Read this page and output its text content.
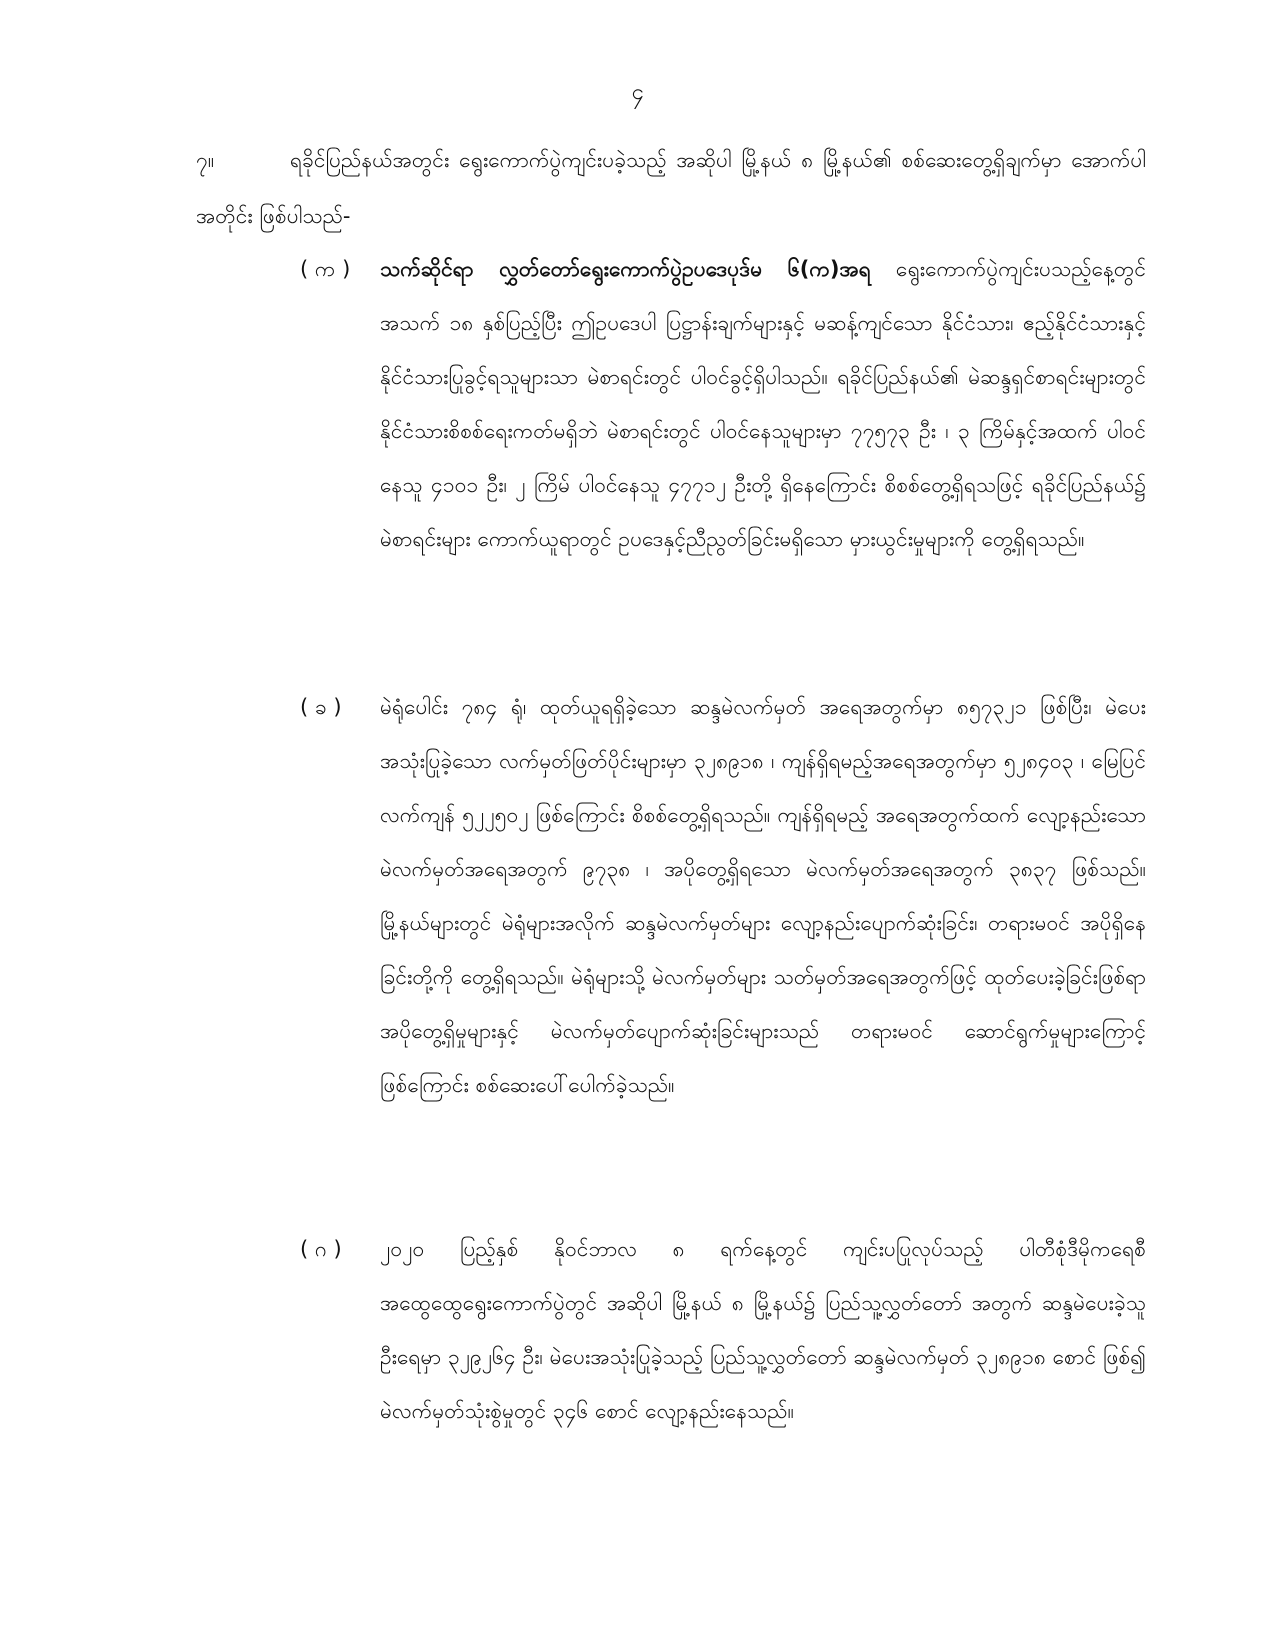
၄
၇။	ရခိုင်ပြည်နယ်အတွင်း ရွေးကောက်ပွဲကျင်းပခဲ့သည့် အဆိုပါ မြို့နယ် ၈ မြို့နယ်၏ စစ်ဆေးတွေ့ရှိချက်မှာ အောက်ပါအတိုင်း ဖြစ်ပါသည်-
( က )	သက်ဆိုင်ရာ လွှတ်တော်ရွေးကောက်ပွဲဥပဒေပုဒ်မ ၆(က)အရ ရွေးကောက်ပွဲကျင်းပသည့်နေ့တွင် အသက် ၁၈ နှစ်ပြည့်ပြီး ဤဥပဒေပါ ပြဋ္ဌာန်းချက်များနှင့် မဆန့်ကျင်သော နိုင်ငံသား၊ ဧည့်နိုင်ငံသားနှင့် နိုင်ငံသားပြုခွင့်ရသူများသာ မဲစာရင်းတွင် ပါဝင်ခွင့်ရှိပါသည်။ ရခိုင်ပြည်နယ်၏ မဲဆန္ဒရှင်စာရင်းများတွင် နိုင်ငံသားစိစစ်ရေးကတ်မရှိဘဲ မဲစာရင်းတွင် ပါဝင်နေသူများမှာ ၇၇၅၇၃ ဦး ၊ ၃ ကြိမ်နှင့်အထက် ပါဝင်နေသူ ၄၁၀၁ ဦး၊ ၂ ကြိမ် ပါဝင်နေသူ ၄၇၇၁၂ ဦးတို့ ရှိနေကြောင်း စိစစ်တွေ့ရှိရသဖြင့် ရခိုင်ပြည်နယ်၌ မဲစာရင်းများ ကောက်ယူရာတွင် ဥပဒေနှင့်ညီညွတ်ခြင်းမရှိသော မှားယွင်းမှုများကို တွေ့ရှိရသည်။
( ခ )	မဲရုံပေါင်း ၇၈၄ ရုံ၊ ထုတ်ယူရရှိခဲ့သော ဆန္ဒမဲလက်မှတ် အရေအတွက်မှာ ၈၅၇၃၂၁ ဖြစ်ပြီး၊ မဲပေးအသုံးပြုခဲ့သော လက်မှတ်ဖြတ်ပိုင်းများမှာ ၃၂၈၉၁၈ ၊ ကျန်ရှိရမည့်အရေအတွက်မှာ ၅၂၈၄၀၃ ၊ မြေပြင်လက်ကျန် ၅၂၂၅၀၂ ဖြစ်ကြောင်း စိစစ်တွေ့ရှိရသည်။ ကျန်ရှိရမည့် အရေအတွက်ထက် လျော့နည်းသော မဲလက်မှတ်အရေအတွက် ၉၇၃၈ ၊ အပိုတွေ့ရှိရသော မဲလက်မှတ်အရေအတွက် ၃၈၃၇ ဖြစ်သည်။ မြို့နယ်များတွင် မဲရုံများအလိုက် ဆန္ဒမဲလက်မှတ်များ လျော့နည်းပျောက်ဆုံးခြင်း၊ တရားမဝင် အပိုရှိနေခြင်းတို့ကို တွေ့ရှိရသည်။ မဲရုံများသို့ မဲလက်မှတ်များ သတ်မှတ်အရေအတွက်ဖြင့် ထုတ်ပေးခဲ့ခြင်းဖြစ်ရာ အပိုတွေ့ရှိမှုများနှင့် မဲလက်မှတ်ပျောက်ဆုံးခြင်းများသည် တရားမဝင် ဆောင်ရွက်မှုများကြောင့်ဖြစ်ကြောင်း စစ်ဆေးပေါ်ပေါက်ခဲ့သည်။
( ဂ )	၂၀၂၀ ပြည့်နှစ် နိုဝင်ဘာလ ၈ ရက်နေ့တွင် ကျင်းပပြုလုပ်သည့် ပါတီစုံဒီမိုကရေစီ အထွေထွေရွေးကောက်ပွဲတွင် အဆိုပါ မြို့နယ် ၈ မြို့နယ်၌ ပြည်သူ့လွှတ်တော် အတွက် ဆန္ဒမဲပေးခဲ့သူဦးရေမှာ ၃၂၉၂၆၄ ဦး၊ မဲပေးအသုံးပြုခဲ့သည့် ပြည်သူ့လွှတ်တော် ဆန္ဒမဲလက်မှတ် ၃၂၈၉၁၈ စောင် ဖြစ်၍ မဲလက်မှတ်သုံးစွဲမှုတွင် ၃၄၆ စောင် လျော့နည်းနေသည်။
